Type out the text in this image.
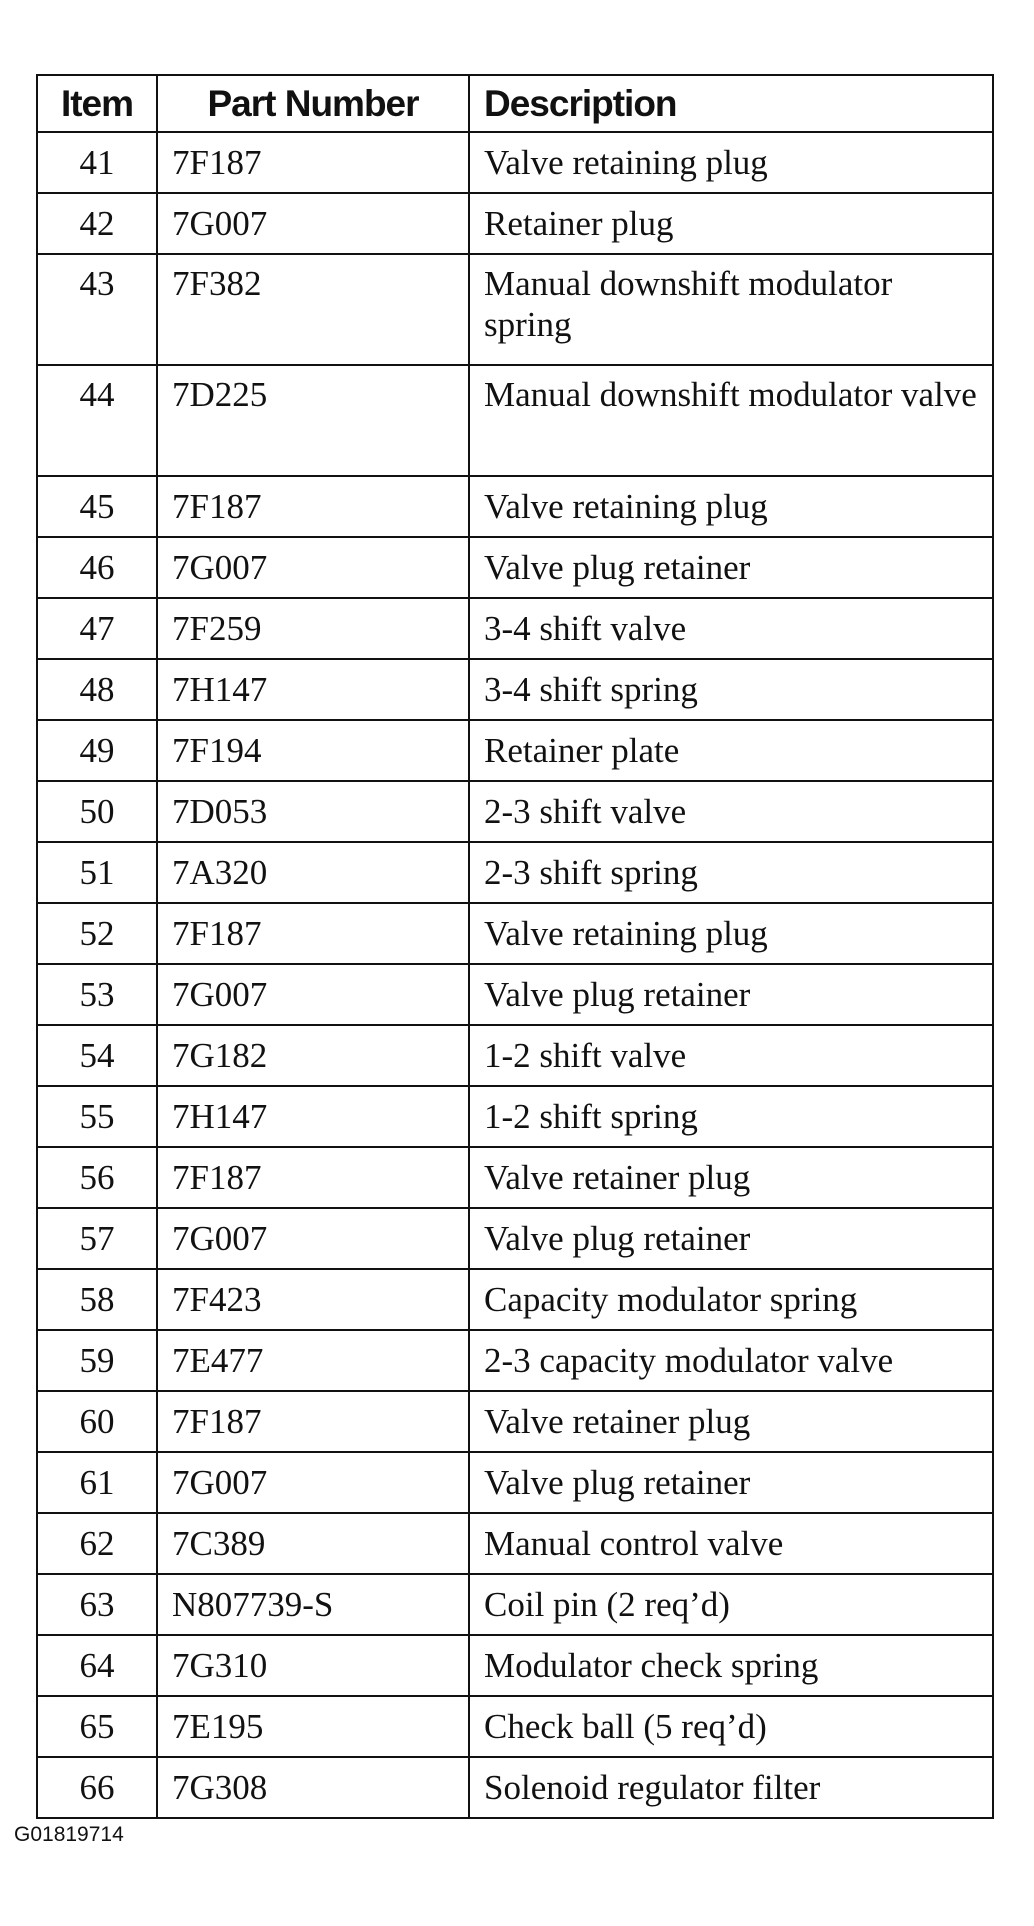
Item	Part Number	Description
41	7F187	Valve retaining plug
42	7G007	Retainer plug
43	7F382	Manual downshift modulator spring
44	7D225	Manual downshift modulator valve
45	7F187	Valve retaining plug
46	7G007	Valve plug retainer
47	7F259	3-4 shift valve
48	7H147	3-4 shift spring
49	7F194	Retainer plate
50	7D053	2-3 shift valve
51	7A320	2-3 shift spring
52	7F187	Valve retaining plug
53	7G007	Valve plug retainer
54	7G182	1-2 shift valve
55	7H147	1-2 shift spring
56	7F187	Valve retainer plug
57	7G007	Valve plug retainer
58	7F423	Capacity modulator spring
59	7E477	2-3 capacity modulator valve
60	7F187	Valve retainer plug
61	7G007	Valve plug retainer
62	7C389	Manual control valve
63	N807739-S	Coil pin (2 req’d)
64	7G310	Modulator check spring
65	7E195	Check ball (5 req’d)
66	7G308	Solenoid regulator filter
G01819714
